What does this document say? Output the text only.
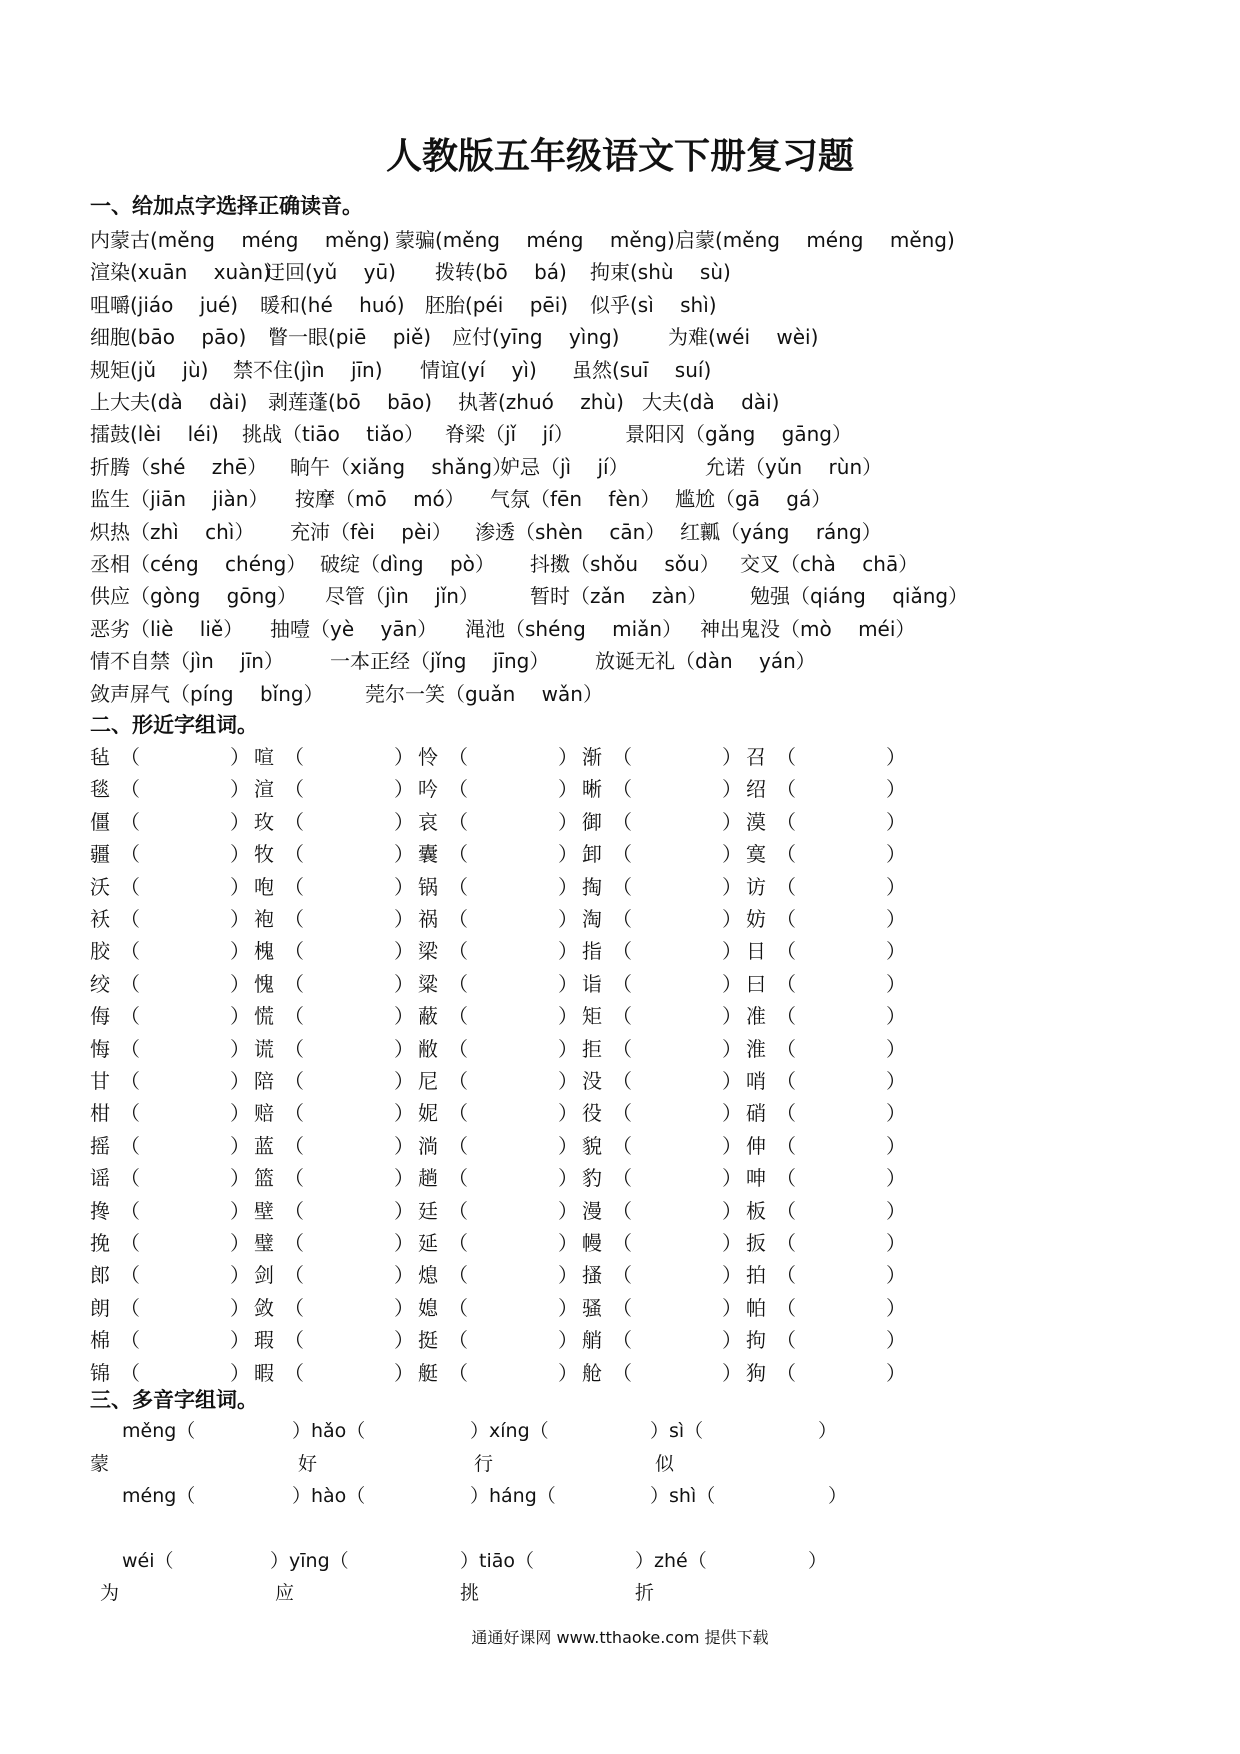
人教版五年级语文下册复习题
一、给加点字选择正确读音。
内蒙古(měng　 méng　 měng) 蒙骗(měng　 méng　 měng) 启蒙(měng　 méng　 měng)
渲染(xuān　 xuàn)
迂回(yǔ　 yū) 拨转(bō　 bá) 拘束(shù　 sù)
咀嚼(jiáo　 jué) 暖和(hé　 huó) 胚胎(péi　 pēi) 似乎(sì　 shì)
细胞(bāo　 pāo) 瞥一眼(piē　 piě) 应付(yīng　 yìng) 为难(wéi　 wèi)
规矩(jǔ　 jù) 禁不住(jìn　 jīn) 情谊(yí　 yì) 虽然(suī　 suí)
上大夫(dà　 dài) 剥莲蓬(bō　 bāo) 执著(zhuó　 zhù) 大夫(dà　 dài)
擂鼓(lèi　 léi) 挑战（tiāo　 tiǎo） 脊梁（jǐ　 jí）	景阳冈（gǎng　 gāng）
折腾（shé　 zhē） 晌午（xiǎng　 shǎng）
妒忌（jì　 jí）	允诺（yǔn　 rùn）
监生（jiān　 jiàn） 按摩（mō　 mó） 气氛（fēn　 fèn） 尴尬（gā　 gá）
炽热（zhì　 chì） 充沛（fèi　 pèi） 渗透（shèn　 cān） 红瓤（yáng　 ráng）
丞相（céng　 chéng） 破绽（dìng　 pò） 抖擞（shǒu　 sǒu） 交叉（chà　 chā）
供应（gòng　 gōng） 尽管（jìn　 jǐn）	暂时（zǎn　 zàn） 勉强（qiáng　 qiǎng）
恶劣（liè　 liě） 抽噎（yè　 yān） 渑池（shéng　 miǎn） 神出鬼没（mò　 méi）
情不自禁（jìn　 jīn） 一本正经（jǐng　 jīng） 放诞无礼（dàn　 yán）
敛声屏气（píng　 bǐng） 莞尔一笑（guǎn　 wǎn）
二、形近字组词。
毡 （	） 喧 （	） 怜 （	） 渐 （	） 召 （	）
毯 （	） 渲 （	） 吟 （	） 晰 （	） 绍 （	）
僵 （	） 玫 （	） 哀 （	） 御 （	） 漠 （	）
疆 （	） 牧 （	） 囊 （	） 卸 （	） 寞 （	）
沃 （	） 咆 （	） 锅 （	） 掏 （	） 访 （	）
袄 （	） 袍 （	） 祸 （	） 淘 （	） 妨 （	）
胶 （	） 槐 （	） 梁 （	） 指 （	） 日 （	）
绞 （	） 愧 （	） 粱 （	） 诣 （	） 曰 （	）
侮 （	） 慌 （	） 蔽 （	） 矩 （	） 准 （	）
悔 （	） 谎 （	） 敝 （	） 拒 （	） 淮 （	）
甘 （	） 陪 （	） 尼 （	） 没 （	） 哨 （	）
柑 （	） 赔 （	） 妮 （	） 役 （	） 硝 （	）
摇 （	） 蓝 （	） 淌 （	） 貌 （	） 伸 （	）
谣 （	） 篮 （	） 趟 （	） 豹 （	） 呻 （	）
搀 （	） 壁 （	） 廷 （	） 漫 （	） 板 （	）
挽 （	） 璧 （	） 延 （	） 幔 （	） 扳 （	）
郎 （	） 剑 （	） 熄 （	） 搔 （	） 拍 （	）
朗 （	） 敛 （	） 媳 （	） 骚 （	） 帕 （	）
棉 （	） 瑕 （	） 挺 （	） 艄 （	） 拘 （	）
锦 （	） 暇 （	） 艇 （	） 舱 （	） 狗 （	）
三、多音字组词。
měng（	）hǎo（	）xíng（	）sì（	）
蒙	好	行	似
méng（	）hào（	）háng（	）shì（	）
wéi（	）yīng（	）tiāo（	）zhé（	）
为	应	挑	折
通通好课网 www.tthaoke.com 提供下载
